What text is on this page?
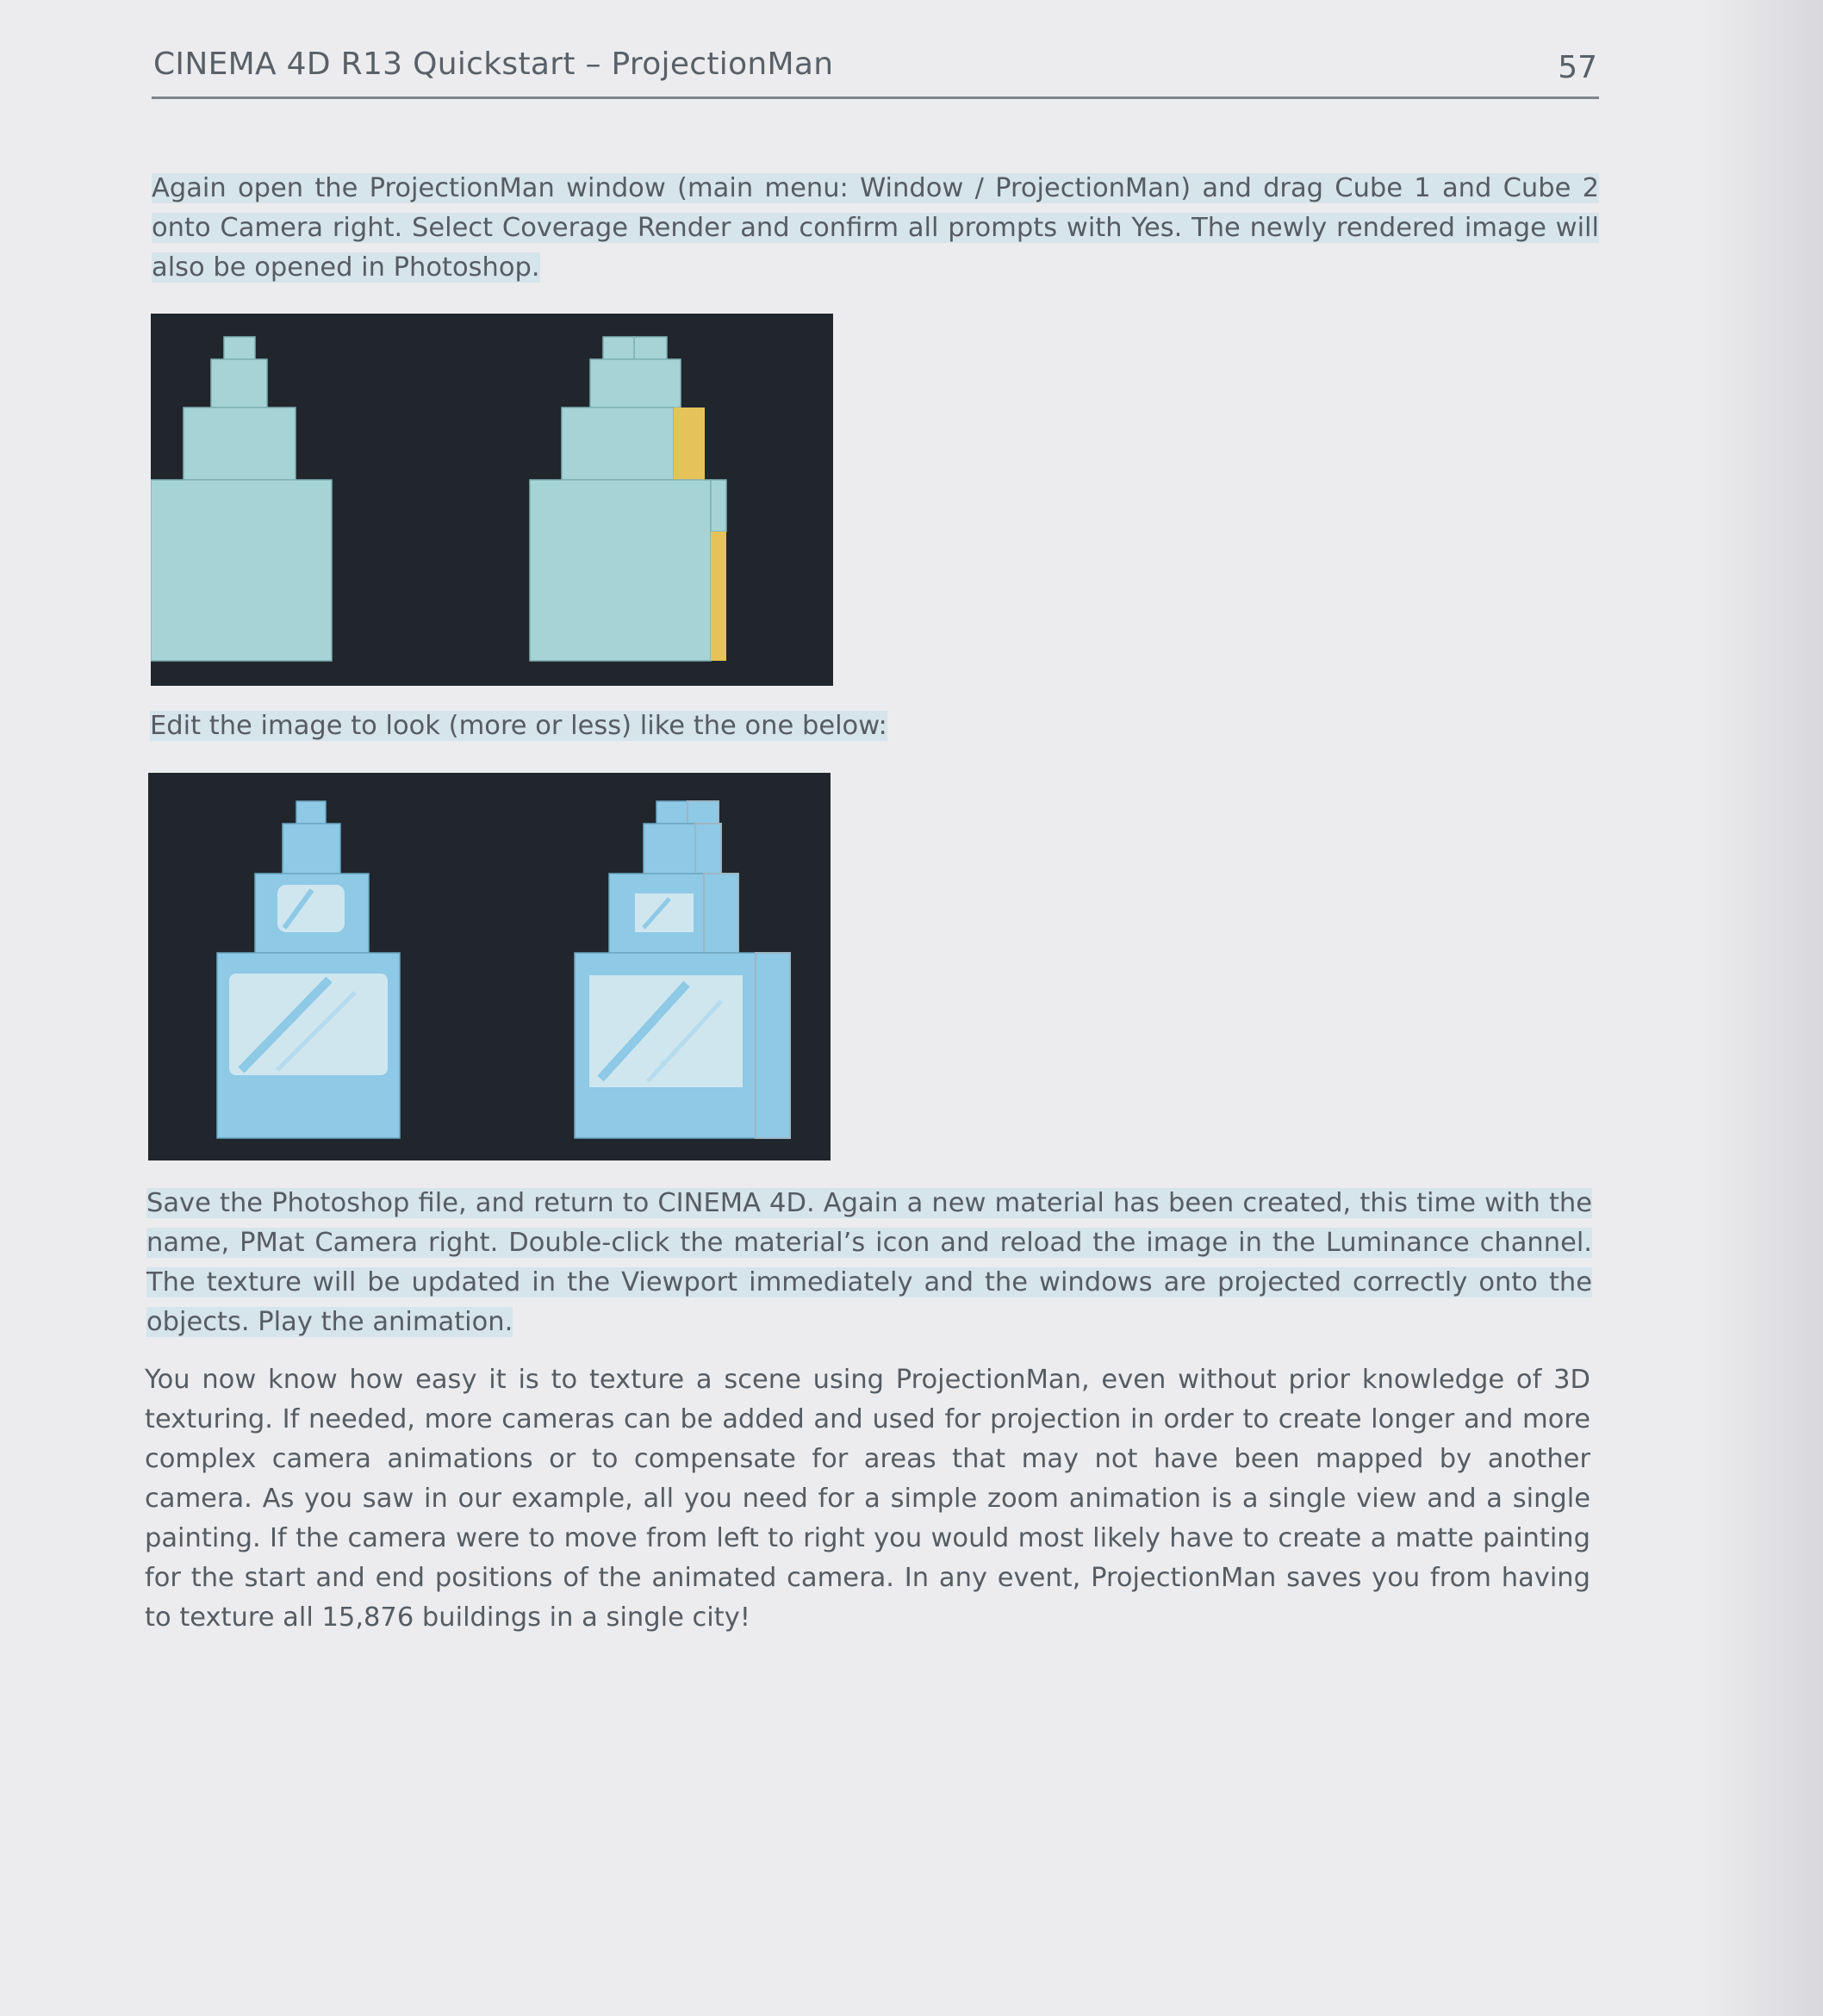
CINEMA 4D R13 Quickstart – ProjectionMan	57

Again open the ProjectionMan window (main menu: Window / ProjectionMan) and drag Cube 1 and Cube 2 onto Camera right. Select Coverage Render and confirm all prompts with Yes. The newly rendered image will also be opened in Photoshop.

Edit the image to look (more or less) like the one below:

Save the Photoshop file, and return to CINEMA 4D. Again a new material has been created, this time with the name, PMat Camera right. Double-click the material’s icon and reload the image in the Luminance channel. The texture will be updated in the Viewport immediately and the windows are projected correctly onto the objects. Play the animation.

You now know how easy it is to texture a scene using ProjectionMan, even without prior knowledge of 3D texturing. If needed, more cameras can be added and used for projection in order to create longer and more complex camera animations or to compensate for areas that may not have been mapped by another camera. As you saw in our example, all you need for a simple zoom animation is a single view and a single painting. If the camera were to move from left to right you would most likely have to create a matte painting for the start and end positions of the animated camera. In any event, ProjectionMan saves you from having to texture all 15,876 buildings in a single city!
